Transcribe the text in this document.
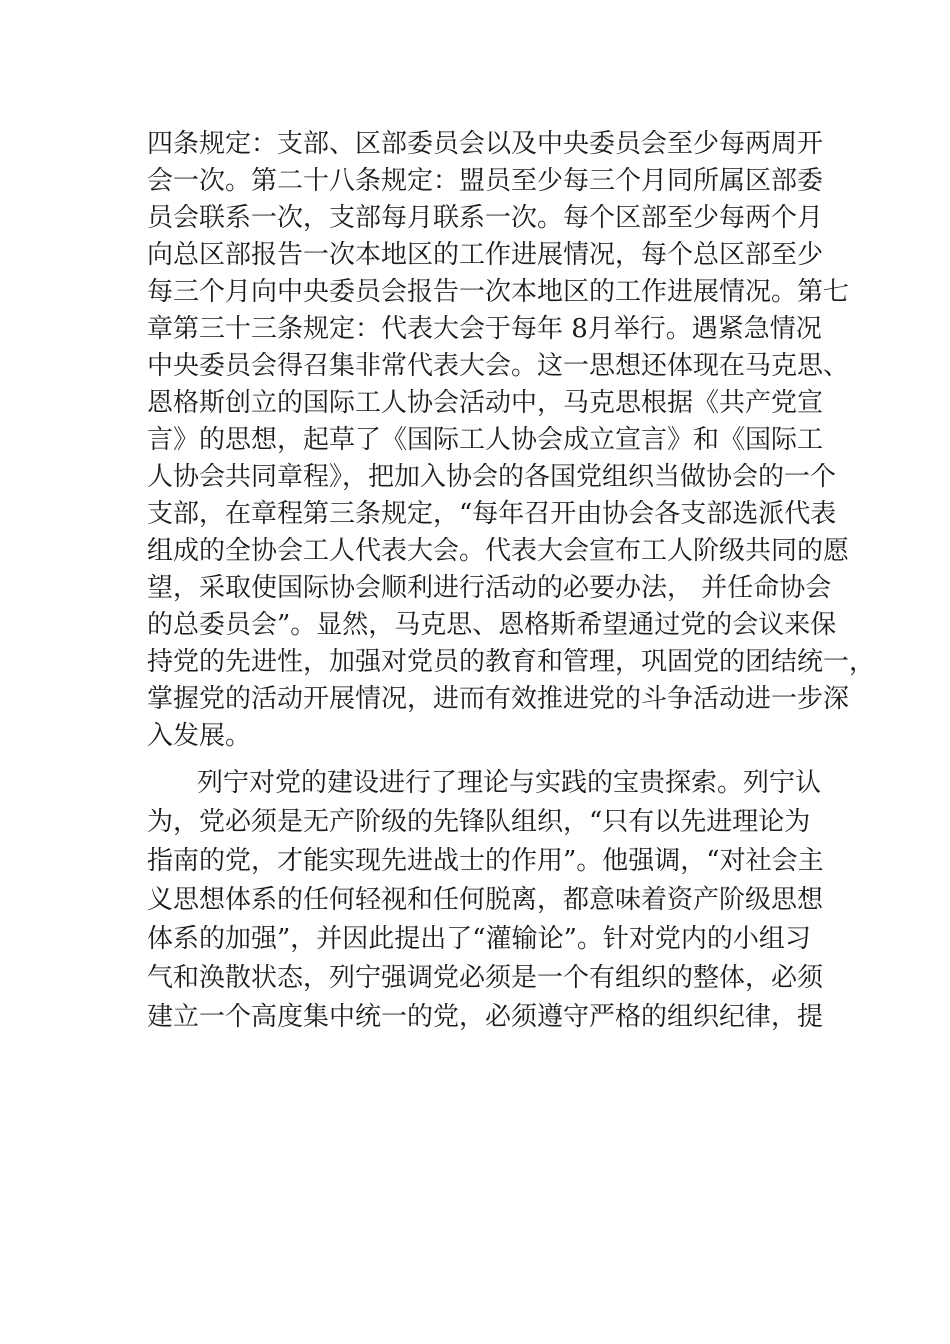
四条规定：支部、区部委员会以及中央委员会至少每两周开
会一次。第二十八条规定：盟员至少每三个月同所属区部委
员会联系一次，支部每月联系一次。每个区部至少每两个月
向总区部报告一次本地区的工作进展情况，每个总区部至少
每三个月向中央委员会报告一次本地区的工作进展情况。第七
章第三十三条规定：代表大会于每年 8月举行。遇紧急情况
中央委员会得召集非常代表大会。这一思想还体现在马克思、
恩格斯创立的国际工人协会活动中，马克思根据《共产党宣
言》的思想，起草了《国际工人协会成立宣言》和《国际工
人协会共同章程》，把加入协会的各国党组织当做协会的一个
支部，在章程第三条规定，“每年召开由协会各支部选派代表
组成的全协会工人代表大会。代表大会宣布工人阶级共同的愿
望，采取使国际协会顺利进行活动的必要办法， 并任命协会
的总委员会”。显然，马克思、恩格斯希望通过党的会议来保
持党的先进性，加强对党员的教育和管理，巩固党的团结统一，
掌握党的活动开展情况，进而有效推进党的斗争活动进一步深
入发展。
列宁对党的建设进行了理论与实践的宝贵探索。列宁认
为，党必须是无产阶级的先锋队组织，“只有以先进理论为
指南的党，才能实现先进战士的作用”。他强调，“对社会主
义思想体系的任何轻视和任何脱离，都意味着资产阶级思想
体系的加强”，并因此提出了“灌输论”。针对党内的小组习
气和涣散状态，列宁强调党必须是一个有组织的整体，必须
建立一个高度集中统一的党，必须遵守严格的组织纪律，提
